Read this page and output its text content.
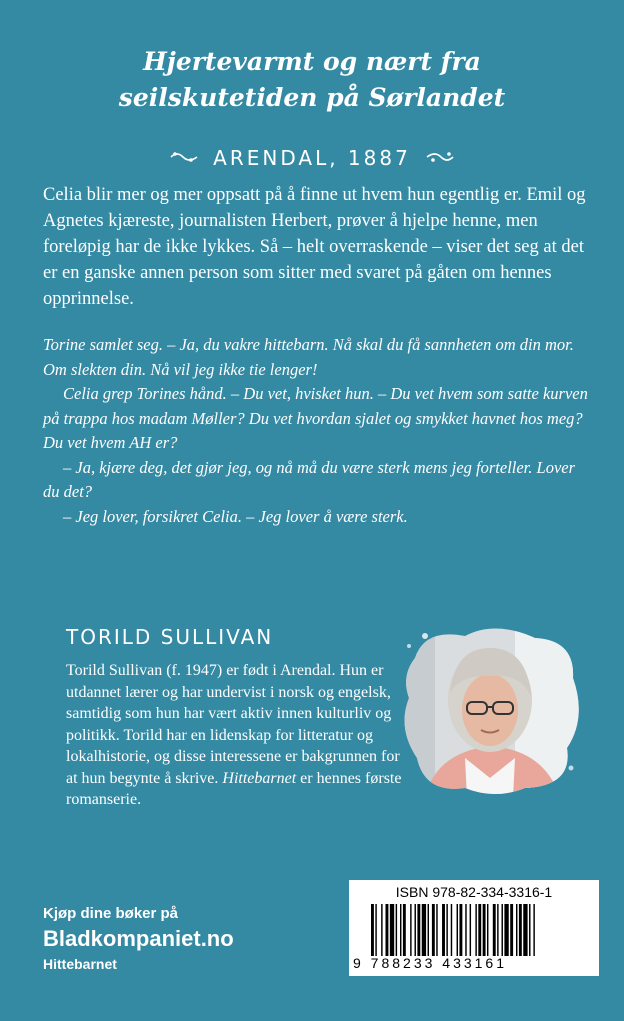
Hjertevarmt og nært fra
seilskutetiden på Sørlandet
ARENDAL, 1887

Celia blir mer og mer oppsatt på å finne ut hvem hun egentlig er. Emil og Agnetes kjæreste, journalisten Herbert, prøver å hjelpe henne, men foreløpig har de ikke lykkes. Så – helt overraskende – viser det seg at det er en ganske annen person som sitter med svaret på gåten om hennes opprinnelse.

Torine samlet seg. – Ja, du vakre hittebarn. Nå skal du få sannheten om din mor. Om slekten din. Nå vil jeg ikke tie lenger!

Celia grep Torines hånd. – Du vet, hvisket hun. – Du vet hvem som satte kurven på trappa hos madam Møller? Du vet hvordan sjalet og smykket havnet hos meg? Du vet hvem AH er?

– Ja, kjære deg, det gjør jeg, og nå må du være sterk mens jeg forteller. Lover du det?

– Jeg lover, forsikret Celia. – Jeg lover å være sterk.

TORILD SULLIVAN

Torild Sullivan (f. 1947) er født i Arendal. Hun er utdannet lærer og har undervist i norsk og engelsk, samtidig som hun har vært aktiv innen kulturliv og politikk. Torild har en lidenskap for litteratur og lokalhistorie, og disse interessene er bakgrunnen for at hun begynte å skrive. Hittebarnet er hennes første romanserie.

Kjøp dine bøker på
Bladkompaniet.no
Hittebarnet
ISBN 978-82-334-3316-1
9 788233 433161
